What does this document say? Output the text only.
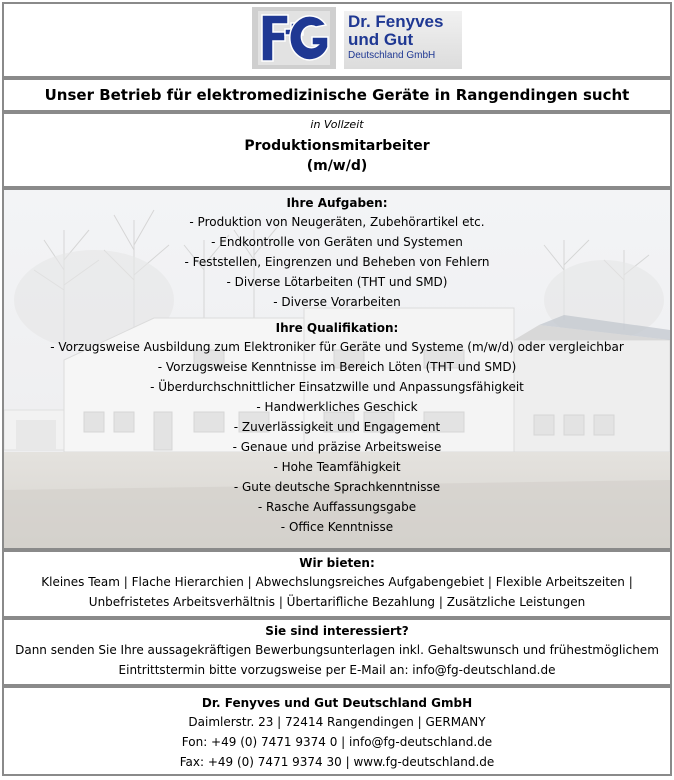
Dr. Fenyves
und Gut
Deutschland GmbH
Unser Betrieb für elektromedizinische Geräte in Rangendingen sucht
in Vollzeit
Produktionsmitarbeiter
(m/w/d)
Ihre Aufgaben:
- Produktion von Neugeräten, Zubehörartikel etc.
- Endkontrolle von Geräten und Systemen
- Feststellen, Eingrenzen und Beheben von Fehlern
- Diverse Lötarbeiten (THT und SMD)
- Diverse Vorarbeiten
Ihre Qualifikation:
- Vorzugsweise Ausbildung zum Elektroniker für Geräte und Systeme (m/w/d) oder vergleichbar
- Vorzugsweise Kenntnisse im Bereich Löten (THT und SMD)
- Überdurchschnittlicher Einsatzwille und Anpassungsfähigkeit
- Handwerkliches Geschick
- Zuverlässigkeit und Engagement
- Genaue und präzise Arbeitsweise
- Hohe Teamfähigkeit
- Gute deutsche Sprachkenntnisse
- Rasche Auffassungsgabe
- Office Kenntnisse
Wir bieten:
Kleines Team | Flache Hierarchien | Abwechslungsreiches Aufgabengebiet | Flexible Arbeitszeiten |
Unbefristetes Arbeitsverhältnis | Übertarifliche Bezahlung | Zusätzliche Leistungen
Sie sind interessiert?
Dann senden Sie Ihre aussagekräftigen Bewerbungsunterlagen inkl. Gehaltswunsch und frühestmöglichem
Eintrittstermin bitte vorzugsweise per E-Mail an: info@fg-deutschland.de
Dr. Fenyves und Gut Deutschland GmbH
Daimlerstr. 23 | 72414 Rangendingen | GERMANY
Fon: +49 (0) 7471 9374 0 | info@fg-deutschland.de
Fax: +49 (0) 7471 9374 30 | www.fg-deutschland.de
